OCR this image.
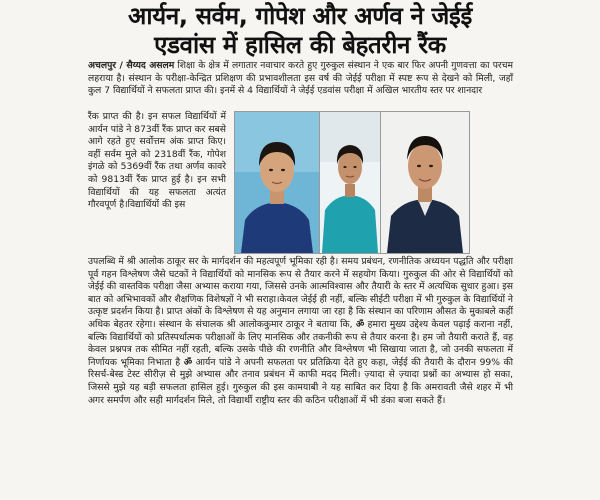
आर्यन, सर्वम, गोपेश और अर्णव ने जेईई
एडवांस में हासिल की बेहतरीन रैंक
अचलपुर / सैय्यद असलम शिक्षा के क्षेत्र में लगातार नवाचार करते हुए गुरुकुल संस्थान ने एक बार फिर अपनी गुणवत्ता का परचम लहराया है। संस्थान के परीक्षा-केन्द्रित प्रशिक्षण की प्रभावशीलता इस वर्ष की जेईई परीक्षा में स्पष्ट रूप से देखने को मिली, जहाँ कुल 7 विद्यार्थियों ने सफलता प्राप्त की। इनमें से 4 विद्यार्थियों ने जेईई एडवांस परीक्षा में अखिल भारतीय स्तर पर शानदार
रैंक प्राप्त की है। इन सफल विद्यार्थियों में आर्यन पांडे ने 873वीं रैंक प्राप्त कर सबसे आगे रहते हुए सर्वोत्तम अंक प्राप्त किए। वहीं सर्वम मुले को 2318वीं रैंक, गोपेश इंगळे को 5369वीं रैंक तथा अर्णव कावरे को 9813वीं रैंक प्राप्त हुई है। इन सभी विद्यार्थियों की यह सफलता अत्यंत गौरवपूर्ण है।विद्यार्थियों की इस
उपलब्धि में श्री आलोक ठाकूर सर के मार्गदर्शन की महत्वपूर्ण भूमिका रही है। समय प्रबंधन, रणनीतिक अध्ययन पद्धति और परीक्षा पूर्व गहन विश्लेषण जैसे घटकों ने विद्यार्थियों को मानसिक रूप से तैयार करने में सहयोग किया। गुरुकुल की ओर से विद्यार्थियों को जेईई की वास्तविक परीक्षा जैसा अभ्यास कराया गया, जिससे उनके आत्मविश्वास और तैयारी के स्तर में अत्यधिक सुधार हुआ। इस बात को अभिभावकों और शैक्षणिक विशेषज्ञों ने भी सराहा।केवल जेईई ही नहीं, बल्कि सीईटी परीक्षा में भी गुरुकुल के विद्यार्थियों ने उत्कृष्ट प्रदर्शन किया है। प्राप्त अंकों के विश्लेषण से यह अनुमान लगाया जा रहा है कि संस्थान का परिणाम औसत के मुकाबले कहीं अधिक बेहतर रहेगा। संस्थान के संचालक श्री आलोककुमार ठाकूर ने बताया कि, ॐ हमारा मुख्य उद्देश्य केवल पढ़ाई कराना नहीं, बल्कि विद्यार्थियों को प्रतिस्पर्धात्मक परीक्षाओं के लिए मानसिक और तकनीकी रूप से तैयार करना है। हम जो तैयारी कराते हैं, वह केवल प्रश्नपत्र तक सीमित नहीं रहती, बल्कि उसके पीछे की रणनीति और विश्लेषण भी सिखाया जाता है, जो उनकी सफलता में निर्णायक भूमिका निभाता है ॐ आर्यन पांडे ने अपनी सफलता पर प्रतिक्रिया देते हुए कहा, जेईई की तैयारी के दौरान 99% की रिसर्च-बेस्ड टेस्ट सीरीज़ से मुझे अभ्यास और तनाव प्रबंधन में काफी मदद मिली। ज़्यादा से ज़्यादा प्रश्नों का अभ्यास हो सका, जिससे मुझे यह बड़ी सफलता हासिल हुई। गुरुकुल की इस कामयाबी ने यह साबित कर दिया है कि अमरावती जैसे शहर में भी अगर समर्पण और सही मार्गदर्शन मिले, तो विद्यार्थी राष्ट्रीय स्तर की कठिन परीक्षाओं में भी डंका बजा सकते हैं।
